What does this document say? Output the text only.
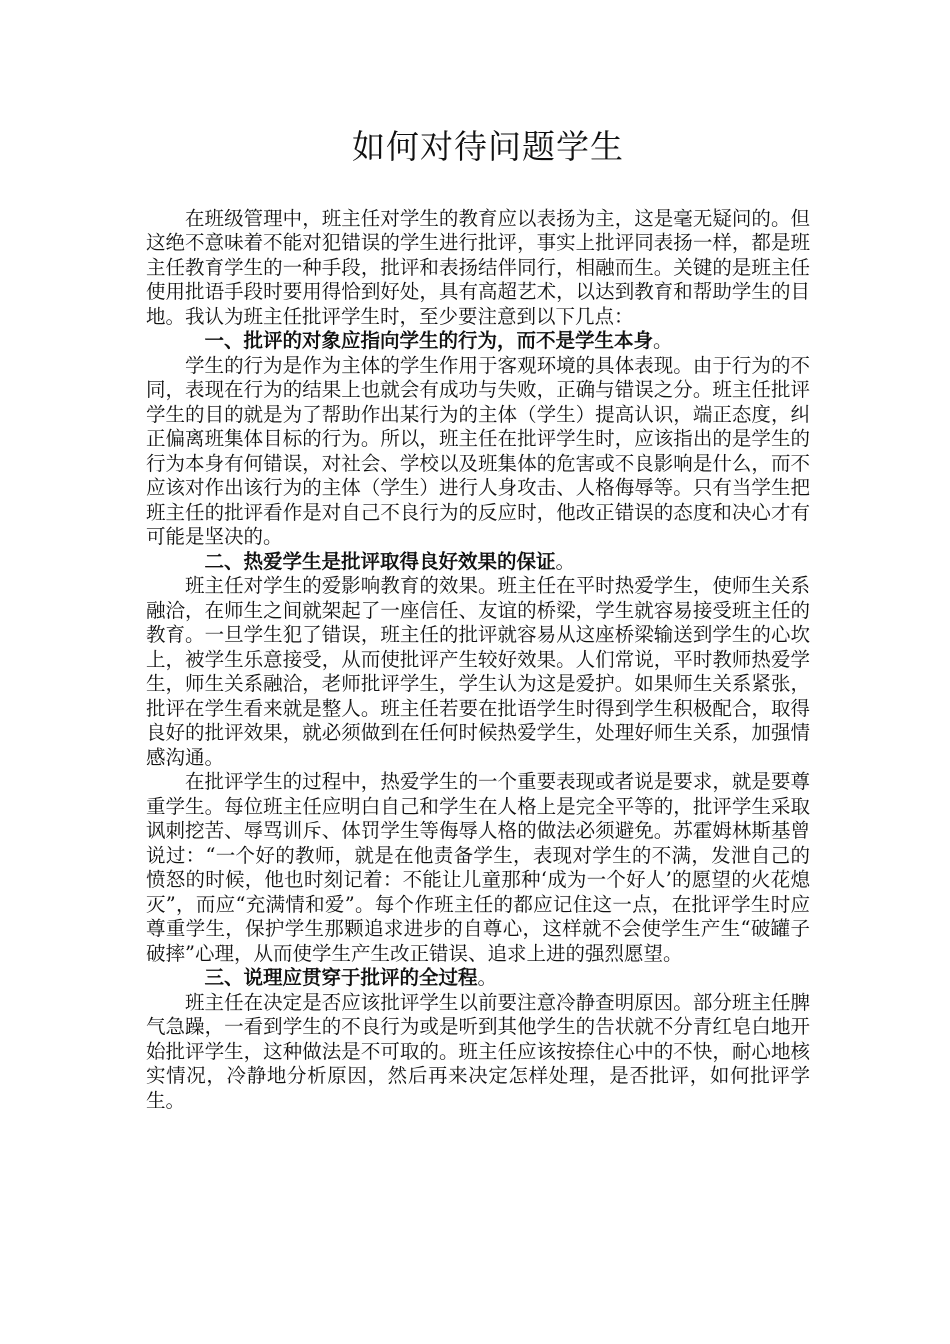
如何对待问题学生

在班级管理中，班主任对学生的教育应以表扬为主，这是毫无疑问的。但这绝不意味着不能对犯错误的学生进行批评，事实上批评同表扬一样，都是班主任教育学生的一种手段，批评和表扬结伴同行，相融而生。关键的是班主任使用批语手段时要用得恰到好处，具有高超艺术，以达到教育和帮助学生的目地。我认为班主任批评学生时，至少要注意到以下几点：

一、批评的对象应指向学生的行为，而不是学生本身。

学生的行为是作为主体的学生作用于客观环境的具体表现。由于行为的不同，表现在行为的结果上也就会有成功与失败，正确与错误之分。班主任批评学生的目的就是为了帮助作出某行为的主体（学生）提高认识，端正态度，纠正偏离班集体目标的行为。所以，班主任在批评学生时，应该指出的是学生的行为本身有何错误，对社会、学校以及班集体的危害或不良影响是什么，而不应该对作出该行为的主体（学生）进行人身攻击、人格侮辱等。只有当学生把班主任的批评看作是对自己不良行为的反应时，他改正错误的态度和决心才有可能是坚决的。

二、热爱学生是批评取得良好效果的保证。

班主任对学生的爱影响教育的效果。班主任在平时热爱学生，使师生关系融洽，在师生之间就架起了一座信任、友谊的桥梁，学生就容易接受班主任的教育。一旦学生犯了错误，班主任的批评就容易从这座桥梁输送到学生的心坎上，被学生乐意接受，从而使批评产生较好效果。人们常说，平时教师热爱学生，师生关系融洽，老师批评学生，学生认为这是爱护。如果师生关系紧张，批评在学生看来就是整人。班主任若要在批语学生时得到学生积极配合，取得良好的批评效果，就必须做到在任何时候热爱学生，处理好师生关系，加强情感沟通。

在批评学生的过程中，热爱学生的一个重要表现或者说是要求，就是要尊重学生。每位班主任应明白自己和学生在人格上是完全平等的，批评学生采取讽刺挖苦、辱骂训斥、体罚学生等侮辱人格的做法必须避免。苏霍姆林斯基曾说过：“一个好的教师，就是在他责备学生，表现对学生的不满，发泄自己的愤怒的时候，他也时刻记着：不能让儿童那种‘成为一个好人’的愿望的火花熄灭”，而应“充满情和爱”。每个作班主任的都应记住这一点，在批评学生时应尊重学生，保护学生那颗追求进步的自尊心，这样就不会使学生产生“破罐子破摔”心理，从而使学生产生改正错误、追求上进的强烈愿望。

三、说理应贯穿于批评的全过程。

班主任在决定是否应该批评学生以前要注意冷静查明原因。部分班主任脾气急躁，一看到学生的不良行为或是听到其他学生的告状就不分青红皂白地开始批评学生，这种做法是不可取的。班主任应该按捺住心中的不快，耐心地核实情况，冷静地分析原因，然后再来决定怎样处理，是否批评，如何批评学生。
